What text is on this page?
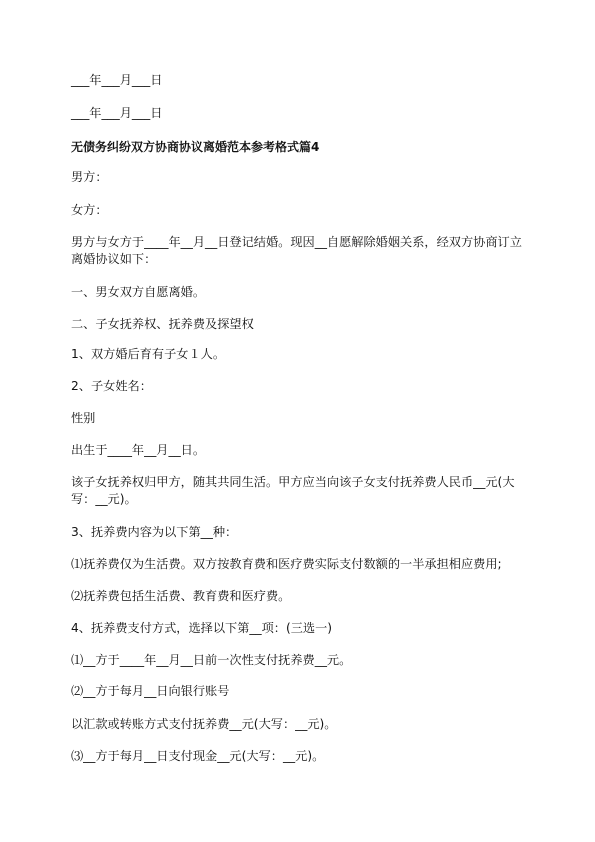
___年___月___日
___年___月___日
无债务纠纷双方协商协议离婚范本参考格式篇4
男方：
女方：
男方与女方于____年__月__日登记结婚。现因__自愿解除婚姻关系，经双方协商订立
离婚协议如下：
一、男女双方自愿离婚。
二、子女抚养权、抚养费及探望权
1、双方婚后育有子女１人。
2、子女姓名：
性别
出生于____年__月__日。
该子女抚养权归甲方，随其共同生活。甲方应当向该子女支付抚养费人民币__元(大
写：__元)。
3、抚养费内容为以下第__种：
⑴抚养费仅为生活费。双方按教育费和医疗费实际支付数额的一半承担相应费用;
⑵抚养费包括生活费、教育费和医疗费。
4、抚养费支付方式，选择以下第__项：(三选一)
⑴__方于____年__月__日前一次性支付抚养费__元。
⑵__方于每月__日向银行账号
以汇款或转账方式支付抚养费__元(大写：__元)。
⑶__方于每月__日支付现金__元(大写：__元)。
